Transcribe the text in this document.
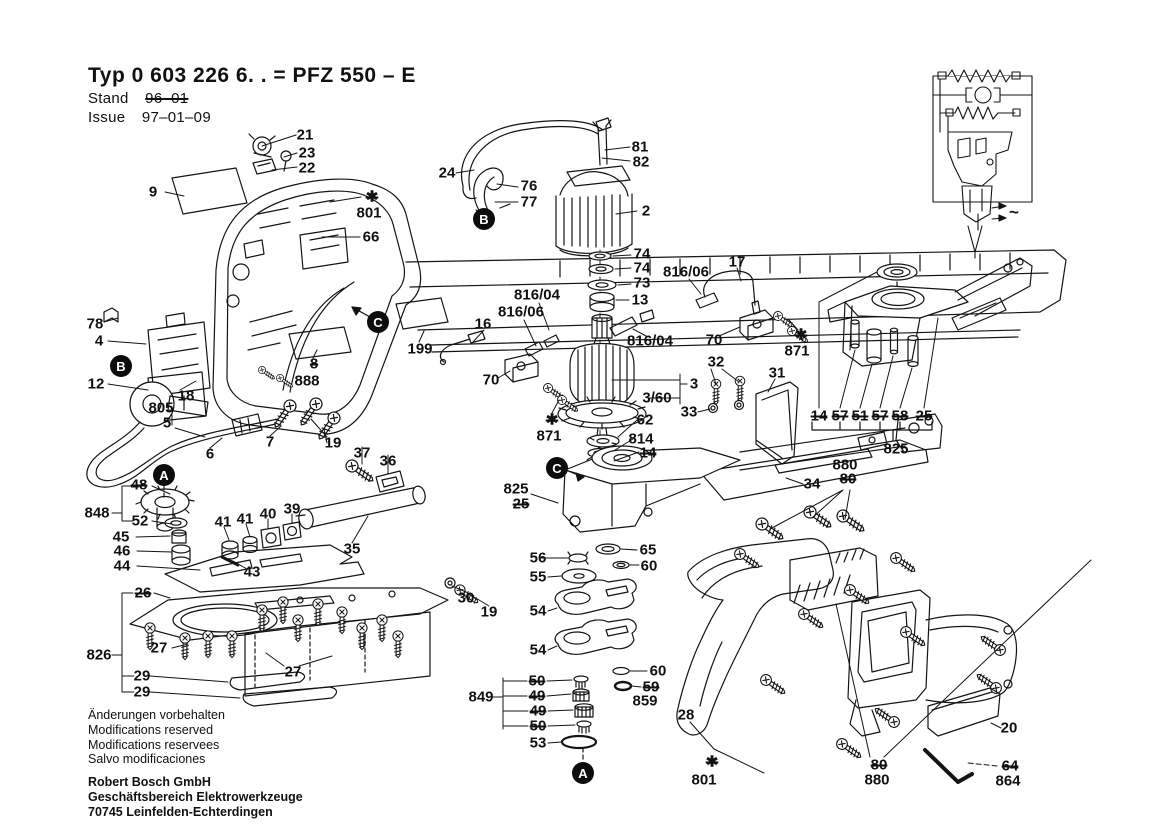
Typ 0 603 226 6. . = PFZ 550 – E
Stand 96–01
Issue 97–01–09
21
23
22
9	✱
801
66
24
76
77
81
82
2
74
74
73
13
816/04
816/06
16
70
✱
871
816/04
17
816/06
70	✱
871
32
33
31
3
3/60
62
814
14
78
4
12
18
805
5
6
7	19
37 36
35
48
848 52
45
46
44
41 41 40 39
43
26
826	27
27
29
29
8
888
199
825
25
65
56	60
55
54
54
60
59
859
849
50
49
49
50
53
30
19
34
880
80
14 57 51 57 58 25
825
28
✱
801
80
880
20
64
864
~
A
A
B
B
C
C
Änderungen vorbehalten
Modifications reserved
Modifications reservees
Salvo modificaciones
Robert Bosch GmbH
Geschäftsbereich Elektrowerkzeuge
70745 Leinfelden-Echterdingen
